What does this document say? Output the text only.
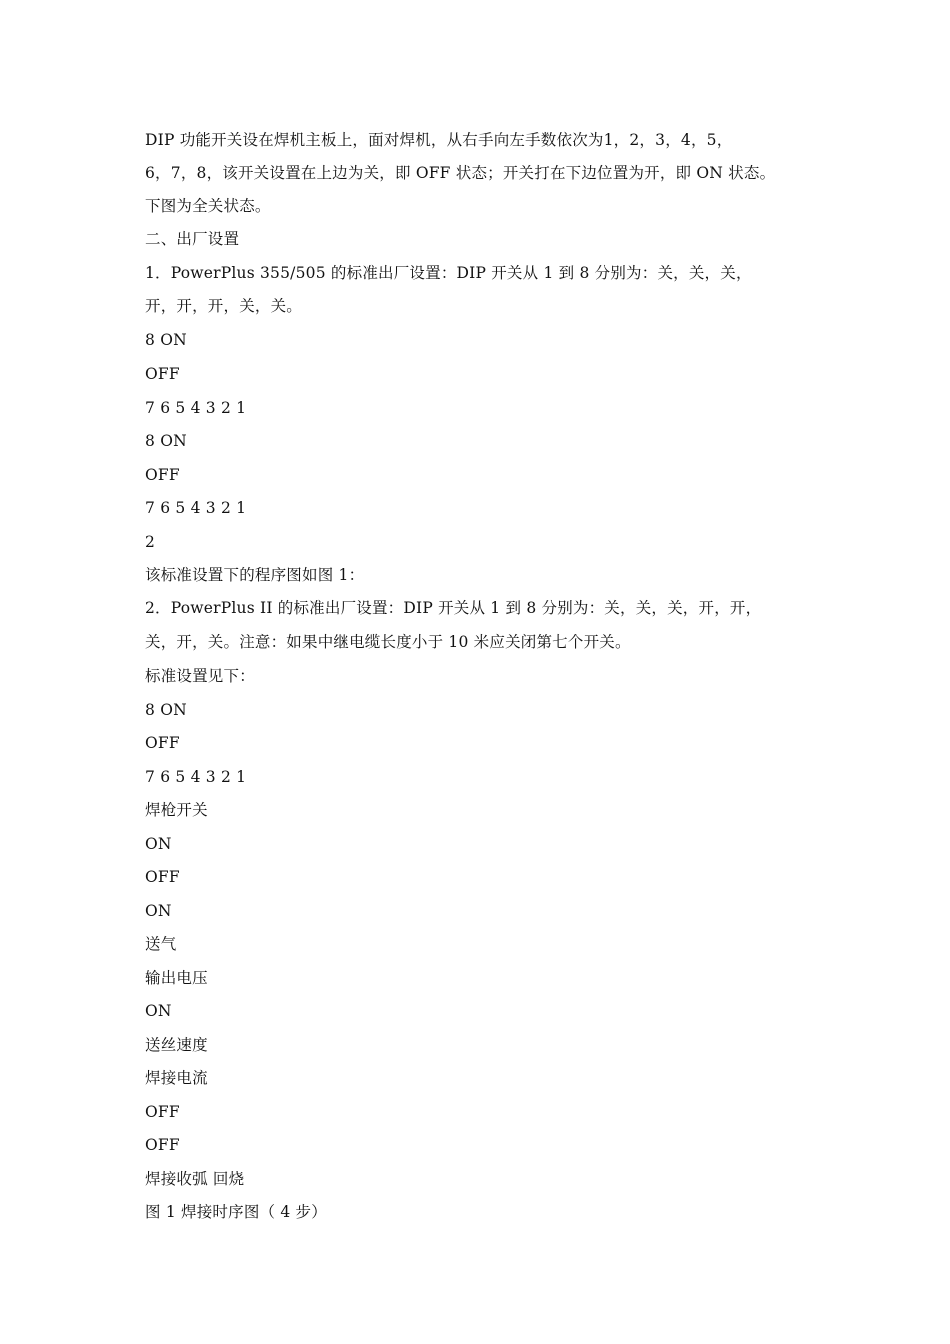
DIP 功能开关设在焊机主板上，面对焊机，从右手向左手数依次为1，2，3，4，5，
6，7，8，该开关设置在上边为关，即 OFF 状态；开关打在下边位置为开，即 ON 状态。
下图为全关状态。
二、出厂设置
1．PowerPlus 355/505 的标准出厂设置：DIP 开关从 1 到 8 分别为：关，关，关，
开，开，开，关，关。
8 ON
OFF
7 6 5 4 3 2 1
8 ON
OFF
7 6 5 4 3 2 1
2
该标准设置下的程序图如图 1：
2．PowerPlus II 的标准出厂设置：DIP 开关从 1 到 8 分别为：关，关，关，开，开，
关，开，关。注意：如果中继电缆长度小于 10 米应关闭第七个开关。
标准设置见下：
8 ON
OFF
7 6 5 4 3 2 1
焊枪开关
ON
OFF
ON
送气
输出电压
ON
送丝速度
焊接电流
OFF
OFF
焊接收弧 回烧
图 1 焊接时序图（ 4 步）
